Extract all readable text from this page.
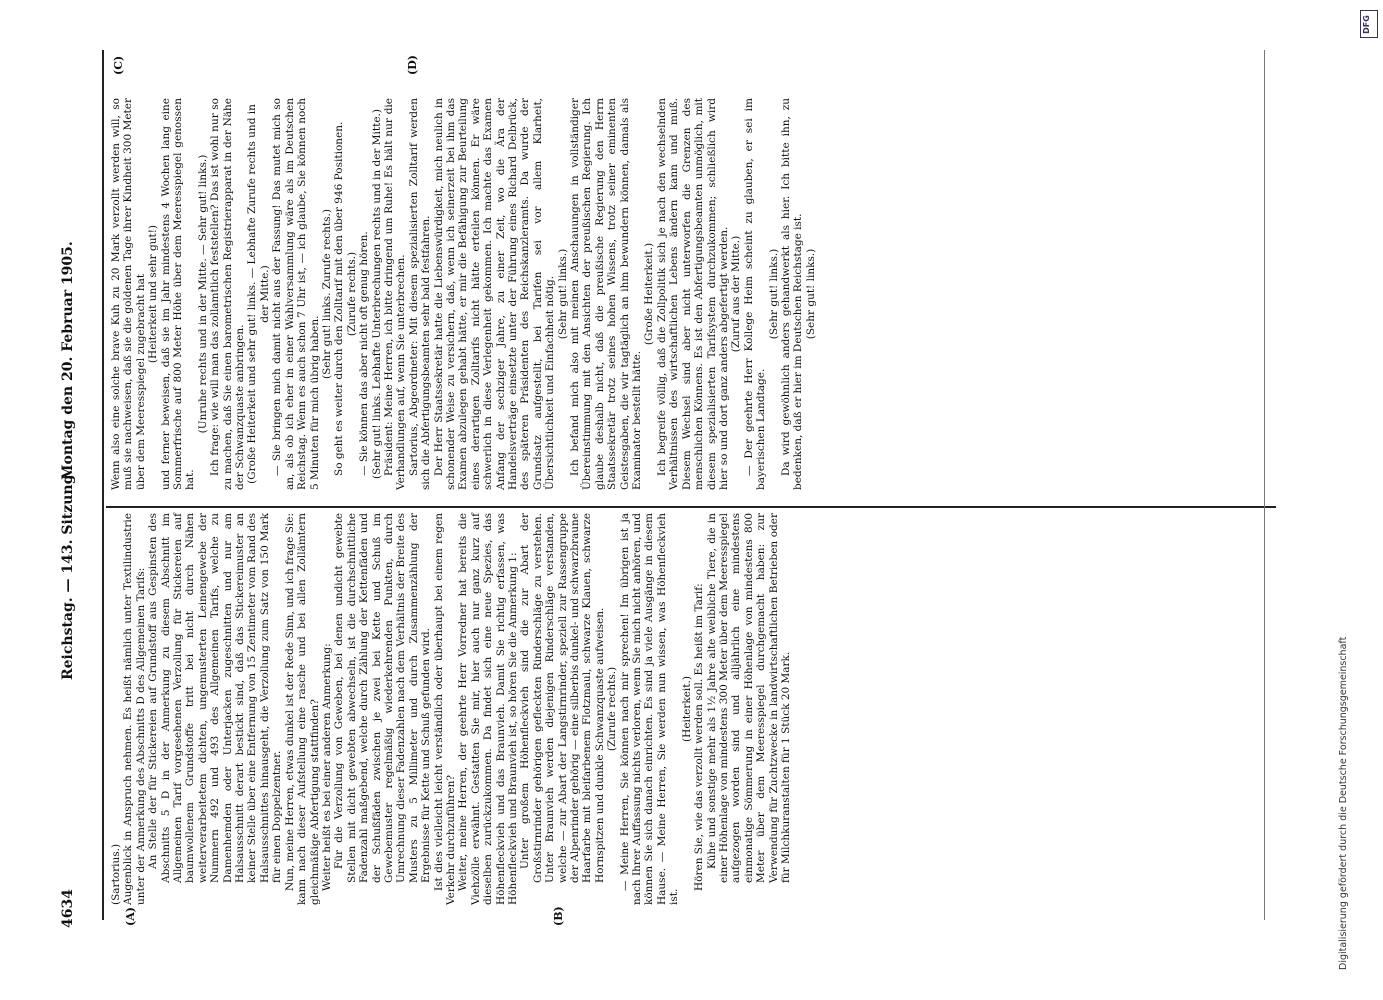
4634
Reichstag. — 143. Sitzung.
Montag den 20. Februar 1905.
(A)	(B)
(C)	(D)

(Sartorius.) Augenblick in Anspruch nehmen. Es heißt nämlich unter Textilindustrie unter der Anmerkung des Abschnitts D des Allgemeinen Tarifs: An Stelle der für Stickereien auf Grundstoff aus Gespinsten des Abschnitts 5 D in der Anmerkung zu diesem Abschnitt im Allgemeinen Tarif vorgesehenen Verzollung für Stickereien auf baumwollenem Grundstoffe tritt bei nicht durch Nähen weiterverarbeitetem dichten, ungemusterten Leinengewebe der Nummern 492 und 493 des Allgemeinen Tarifs, welche zu Damenhemden oder Unterjacken zugeschnitten und nur am Halsausschnitt derart bestickt sind, daß das Stickereimuster an keiner Stelle über eine Entfernung von 15 Zentimeter vom Rand des Halsausschnittes hinausgeht, die Verzollung zum Satz von 150 Mark für einen Doppelzentner. Nun, meine Herren, etwas dunkel ist der Rede Sinn, und ich frage Sie: kann nach dieser Aufstellung eine rasche und bei allen Zollämtern gleichmäßige Abfertigung stattfinden? Weiter heißt es bei einer anderen Anmerkung: Für die Verzollung von Geweben, bei denen undicht gewebte Stellen mit dicht gewebten abwechseln, ist die durchschnittliche Fadenzahl maßgebend, welche durch Zählung der Kettenfäden und der Schußfäden zwischen je zwei bei Kette und Schuß im Gewebemuster regelmäßig wiederkehrenden Punkten, durch Umrechnung dieser Fadenzahlen nach dem Verhältnis der Breite des Musters zu 5 Millimeter und durch Zusammenzählung der Ergebnisse für Kette und Schuß gefunden wird. Ist dies vielleicht leicht verständlich oder überhaupt bei einem regen Verkehr durchzuführen? Weiter, meine Herren, der geehrte Herr Vorredner hat bereits die Viehzölle erwähnt. Gestatten Sie mir, hier auch nur ganz kurz auf dieselben zurückzukommen. Da findet sich eine neue Spezies, das Höhenfleckvieh und das Braunvieh. Damit Sie richtig erfassen, was Höhenfleckvieh und Braunvieh ist, so hören Sie die Anmerkung 1: Unter großem Höhenfleckvieh sind die zur Abart der Großstirnrinder gehörigen gefleckten Rinderschläge zu verstehen. Unter Braunvieh werden diejenigen Rinderschläge verstanden, welche — zur Abart der Langstirnrinder, speziell zur Rassengruppe der Alpenrinder gehörig — eine silberbis dunkel- und schwarzbraune Haarfarbe mit bleifarbenem Flotzmaul, schwarze Klauen, schwarze Hornspitzen und dunkle Schwanzquaste aufweisen. (Zurufe rechts.) — Meine Herren, Sie können nach mir sprechen! Im übrigen ist ja nach Ihrer Auffassung nichts verloren, wenn Sie mich nicht anhören, und können Sie sich danach einrichten. Es sind ja viele Ausgänge in diesem Hause. — Meine Herren, Sie werden nun wissen, was Höhenfleckvieh ist.

(Heiterkeit.) Hören Sie, wie das verzollt werden soll. Es heißt im Tarif: Kühe und sonstige mehr als 1½ Jahre alte weibliche Tiere, die in einer Höhenlage von mindestens 300 Meter über dem Meeresspiegel aufgezogen worden sind und alljährlich eine mindestens einmonatige Sömmerung in einer Höhenlage von mindestens 800 Meter über dem Meeresspiegel durchgemacht haben: zur Verwendung für Zuchtzwecke in landwirtschaftlichen Betrieben oder für Milchkuranstalten für 1 Stück 20 Mark.

Wenn also eine solche brave Kuh zu 20 Mark verzollt werden will, so muß sie nachweisen, daß sie die goldenen Tage ihrer Kindheit 300 Meter über dem Meeresspiegel zugebracht hat (Heiterkeit und sehr gut!) und ferner beweisen, daß sie im Jahr mindestens 4 Wochen lang eine Sommerfrische auf 800 Meter Höhe über dem Meeresspiegel genossen hat.

(Unruhe rechts und in der Mitte. — Sehr gut! links.) Ich frage: wie will man das zollamtlich feststellen? Das ist wohl nur so zu machen, daß Sie einen barometrischen Registrierapparat in der Nähe der Schwanzquaste anbringen. (Große Heiterkeit und sehr gut! links. — Lebhafte Zurufe rechts und in der Mitte.) — Sie bringen mich damit nicht aus der Fassung! Das mutet mich so an, als ob ich eher in einer Wahlversammlung wäre als im Deutschen Reichstag. Wenn es auch schon 7 Uhr ist, — ich glaube, Sie können noch 5 Minuten für mich übrig haben.

(Sehr gut! links. Zurufe rechts.) So geht es weiter durch den Zolltarif mit den über 946 Positionen. (Zurufe rechts.) — Sie können das aber nicht oft genug hören. (Sehr gut! links. Lebhafte Unterbrechungen rechts und in der Mitte.) Präsident: Meine Herren, ich bitte dringend um Ruhe! Es hält nur die Verhandlungen auf, wenn Sie unterbrechen. Sartorius, Abgeordneter: Mit diesem spezialisierten Zolltarif werden sich die Abfertigungsbeamten sehr bald festfahren. Der Herr Staatssekretär hatte die Liebenswürdigkeit, mich neulich in schonender Weise zu versichern, daß, wenn ich seinerzeit bei ihm das Examen abzulegen gehabt hätte, er mir die Befähigung zur Beurteilung eines derartigen Zolltarifs nicht hätte erteilen können. Er wäre schwerlich in diese Verlegenheit gekommen. Ich machte das Examen Anfang der sechziger Jahre, zu einer Zeit, wo die Ära der Handelsverträge einsetzte unter der Führung eines Richard Delbrück, des späteren Präsidenten des Reichskanzleramts. Da wurde der Grundsatz aufgestellt, bei Tarifen sei vor allem Klarheit, Übersichtlichkeit und Einfachheit nötig. (Sehr gut! links.) Ich befand mich also mit meinen Anschauungen in vollständiger Übereinstimmung mit den Ansichten der preußischen Regierung. Ich glaube deshalb nicht, daß die preußische Regierung den Herrn Staatssekretär trotz seines hohen Wissens, trotz seiner eminenten Geistesgaben, die wir tagtäglich an ihm bewundern können, damals als Examinator bestellt hätte.

(Große Heiterkeit.) Ich begreife völlig, daß die Zollpolitik sich je nach den wechselnden Verhältnissen des wirtschaftlichen Lebens ändern kann und muß. Diesem Wechsel sind aber nicht unterworfen die Grenzen des menschlichen Könnens. Es ist den Abfertigungsbeamten unmöglich, mit diesem spezialisierten Tarifsystem durchzukommen; schließlich wird hier so und dort ganz anders abgefertigt werden. (Zuruf aus der Mitte.) — Der geehrte Herr Kollege Heim scheint zu glauben, er sei im bayerischen Landtage.

(Sehr gut! links.) Da wird gewöhnlich anders gehandwerkt als hier. Ich bitte ihn, zu bedenken, daß er hier im Deutschen Reichstage ist. (Sehr gut! links.)

Digitalisierung gefördert durch die Deutsche Forschungsgemeinschaft
DFG
